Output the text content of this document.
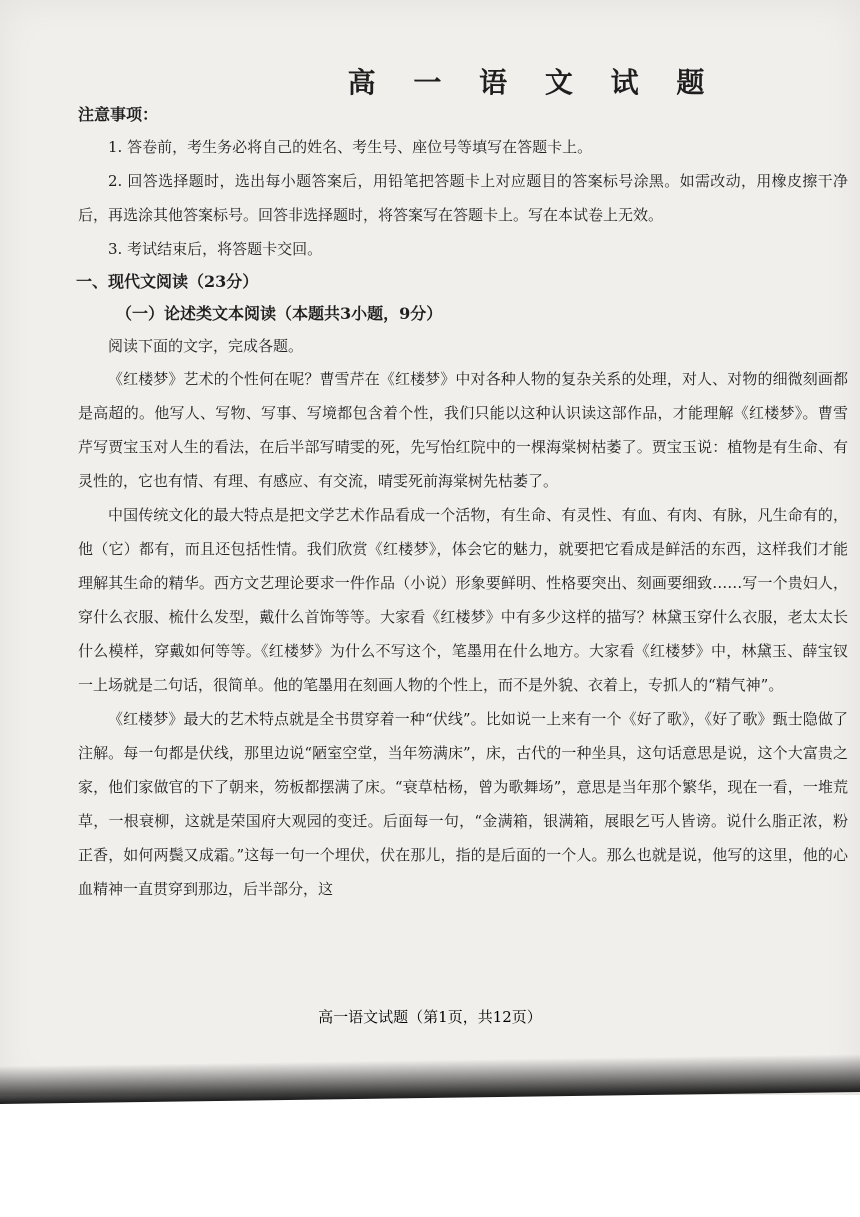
高 一 语 文 试 题
注意事项：

1. 答卷前，考生务必将自己的姓名、考生号、座位号等填写在答题卡上。

2. 回答选择题时，选出每小题答案后，用铅笔把答题卡上对应题目的答案标号涂黑。如需改动，用橡皮擦干净后，再选涂其他答案标号。回答非选择题时，将答案写在答题卡上。写在本试卷上无效。

3. 考试结束后，将答题卡交回。

一、现代文阅读（23分）
（一）论述类文本阅读（本题共3小题，9分）
阅读下面的文字，完成各题。

《红楼梦》艺术的个性何在呢？曹雪芹在《红楼梦》中对各种人物的复杂关系的处理，对人、对物的细微刻画都是高超的。他写人、写物、写事、写境都包含着个性，我们只能以这种认识读这部作品，才能理解《红楼梦》。曹雪芹写贾宝玉对人生的看法，在后半部写晴雯的死，先写怡红院中的一棵海棠树枯萎了。贾宝玉说：植物是有生命、有灵性的，它也有情、有理、有感应、有交流，晴雯死前海棠树先枯萎了。

中国传统文化的最大特点是把文学艺术作品看成一个活物，有生命、有灵性、有血、有肉、有脉，凡生命有的，他（它）都有，而且还包括性情。我们欣赏《红楼梦》，体会它的魅力，就要把它看成是鲜活的东西，这样我们才能理解其生命的精华。西方文艺理论要求一件作品（小说）形象要鲜明、性格要突出、刻画要细致……写一个贵妇人，穿什么衣服、梳什么发型，戴什么首饰等等。大家看《红楼梦》中有多少这样的描写？林黛玉穿什么衣服，老太太长什么模样，穿戴如何等等。《红楼梦》为什么不写这个，笔墨用在什么地方。大家看《红楼梦》中，林黛玉、薛宝钗一上场就是二句话，很简单。他的笔墨用在刻画人物的个性上，而不是外貌、衣着上，专抓人的“精气神”。

《红楼梦》最大的艺术特点就是全书贯穿着一种“伏线”。比如说一上来有一个《好了歌》，《好了歌》甄士隐做了注解。每一句都是伏线，那里边说“陋室空堂，当年笏满床”，床，古代的一种坐具，这句话意思是说，这个大富贵之家，他们家做官的下了朝来，笏板都摆满了床。“衰草枯杨，曾为歌舞场”，意思是当年那个繁华，现在一看，一堆荒草，一根衰柳，这就是荣国府大观园的变迁。后面每一句，“金满箱，银满箱，展眼乞丐人皆谤。说什么脂正浓，粉正香，如何两鬓又成霜。”这每一句一个埋伏，伏在那儿，指的是后面的一个人。那么也就是说，他写的这里，他的心血精神一直贯穿到那边，后半部分，这

高一语文试题（第1页，共12页）
